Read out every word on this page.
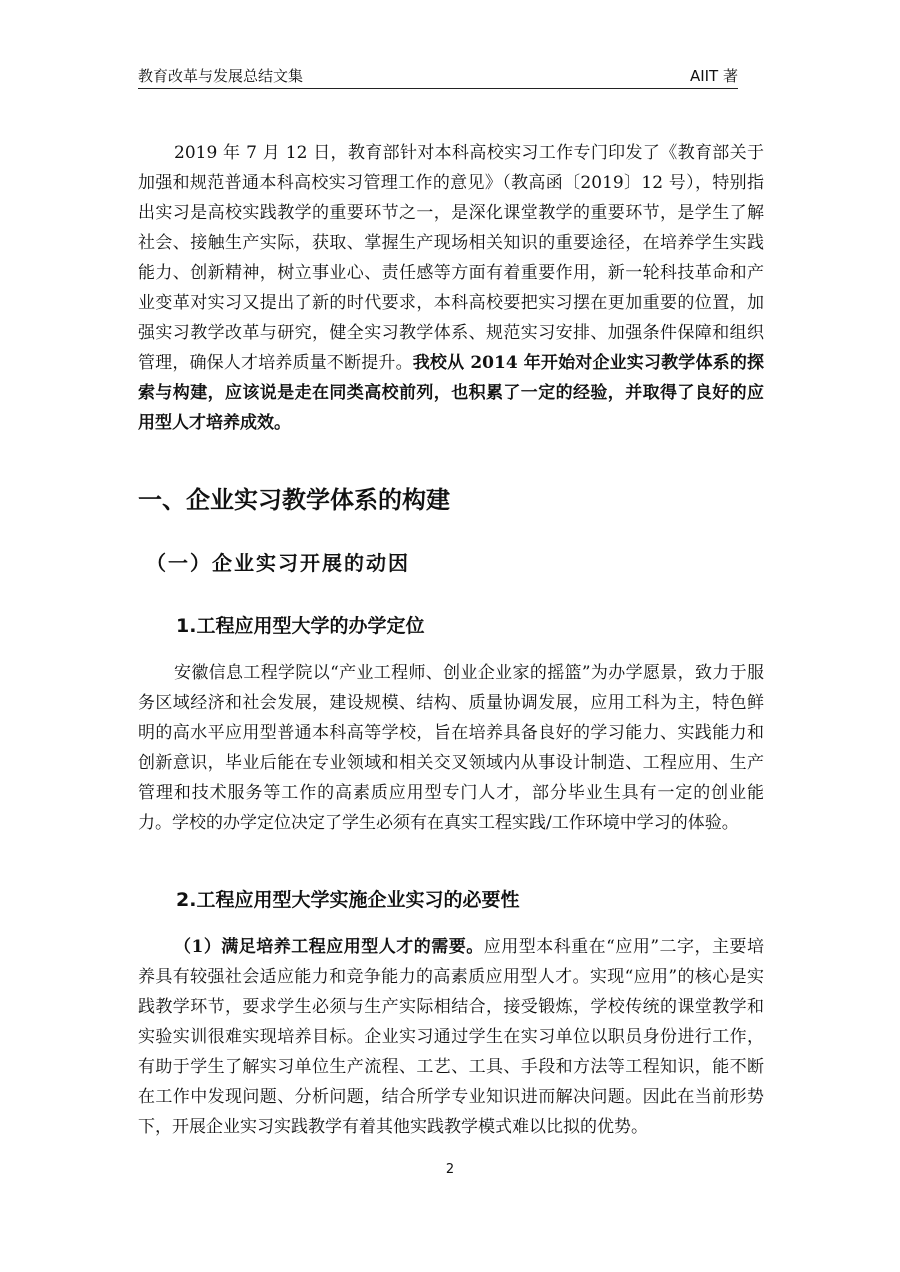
教育改革与发展总结文集	AIIT 著

2019 年 7 月 12 日，教育部针对本科高校实习工作专门印发了《教育部关于加强和规范普通本科高校实习管理工作的意见》（教高函〔2019〕12 号），特别指出实习是高校实践教学的重要环节之一，是深化课堂教学的重要环节，是学生了解社会、接触生产实际，获取、掌握生产现场相关知识的重要途径，在培养学生实践能力、创新精神，树立事业心、责任感等方面有着重要作用，新一轮科技革命和产业变革对实习又提出了新的时代要求，本科高校要把实习摆在更加重要的位置，加强实习教学改革与研究，健全实习教学体系、规范实习安排、加强条件保障和组织管理，确保人才培养质量不断提升。我校从 2014 年开始对企业实习教学体系的探索与构建，应该说是走在同类高校前列，也积累了一定的经验，并取得了良好的应用型人才培养成效。

一、企业实习教学体系的构建
（一）企业实习开展的动因
1.工程应用型大学的办学定位

安徽信息工程学院以“产业工程师、创业企业家的摇篮”为办学愿景，致力于服务区域经济和社会发展，建设规模、结构、质量协调发展，应用工科为主，特色鲜明的高水平应用型普通本科高等学校，旨在培养具备良好的学习能力、实践能力和创新意识，毕业后能在专业领域和相关交叉领域内从事设计制造、工程应用、生产管理和技术服务等工作的高素质应用型专门人才，部分毕业生具有一定的创业能力。学校的办学定位决定了学生必须有在真实工程实践/工作环境中学习的体验。

2.工程应用型大学实施企业实习的必要性

（1）满足培养工程应用型人才的需要。应用型本科重在“应用”二字，主要培养具有较强社会适应能力和竞争能力的高素质应用型人才。实现“应用”的核心是实践教学环节，要求学生必须与生产实际相结合，接受锻炼，学校传统的课堂教学和实验实训很难实现培养目标。企业实习通过学生在实习单位以职员身份进行工作，有助于学生了解实习单位生产流程、工艺、工具、手段和方法等工程知识，能不断在工作中发现问题、分析问题，结合所学专业知识进而解决问题。因此在当前形势下，开展企业实习实践教学有着其他实践教学模式难以比拟的优势。

2
